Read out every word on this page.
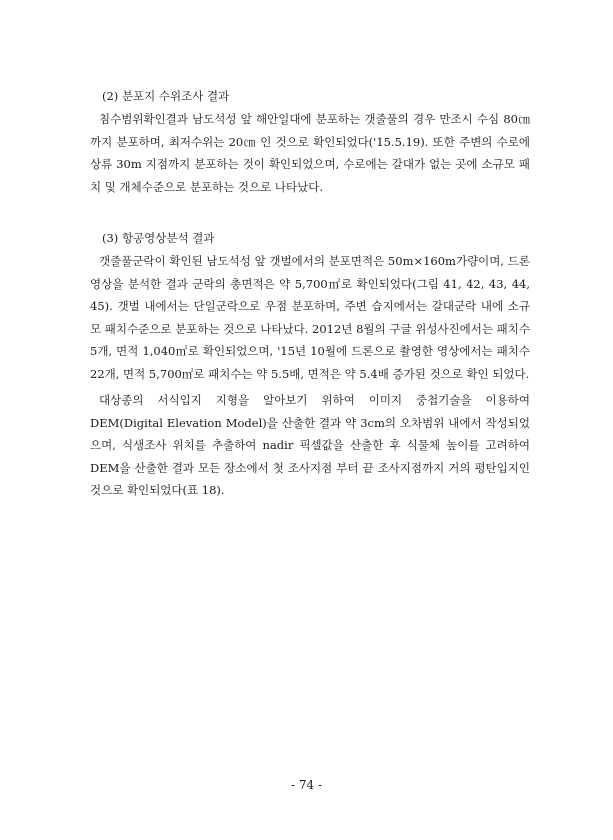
(2) 분포지 수위조사 결과

침수범위확인결과 남도석성 앞 해안일대에 분포하는 갯줄풀의 경우 만조시 수심 80㎝까지 분포하며, 최저수위는 20㎝ 인 것으로 확인되었다('15.5.19). 또한 주변의 수로에 상류 30m 지점까지 분포하는 것이 확인되었으며, 수로에는 갈대가 없는 곳에 소규모 패치 및 개체수준으로 분포하는 것으로 나타났다.

(3) 항공영상분석 결과

갯줄풀군락이 확인된 남도석성 앞 갯벌에서의 분포면적은 50m×160m가량이며, 드론 영상을 분석한 결과 군락의 총면적은 약 5,700㎡로 확인되었다(그림 41, 42, 43, 44, 45). 갯벌 내에서는 단일군락으로 우점 분포하며, 주변 습지에서는 갈대군락 내에 소규모 패치수준으로 분포하는 것으로 나타났다. 2012년 8월의 구글 위성사진에서는 패치수 5개, 면적 1,040㎡로 확인되었으며, '15년 10월에 드론으로 촬영한 영상에서는 패치수 22개, 면적 5,700㎡로 패치수는 약 5.5배, 면적은 약 5.4배 증가된 것으로 확인 되었다.

대상종의 서식입지 지형을 알아보기 위하여 이미지 중첩기술을 이용하여 DEM(Digital Elevation Model)을 산출한 결과 약 3cm의 오차범위 내에서 작성되었으며, 식생조사 위치를 추출하여 nadir 픽셀값을 산출한 후 식물체 높이를 고려하여 DEM을 산출한 결과 모든 장소에서 첫 조사지점 부터 끝 조사지점까지 거의 평탄입지인 것으로 확인되었다(표 18).

- 74 -
